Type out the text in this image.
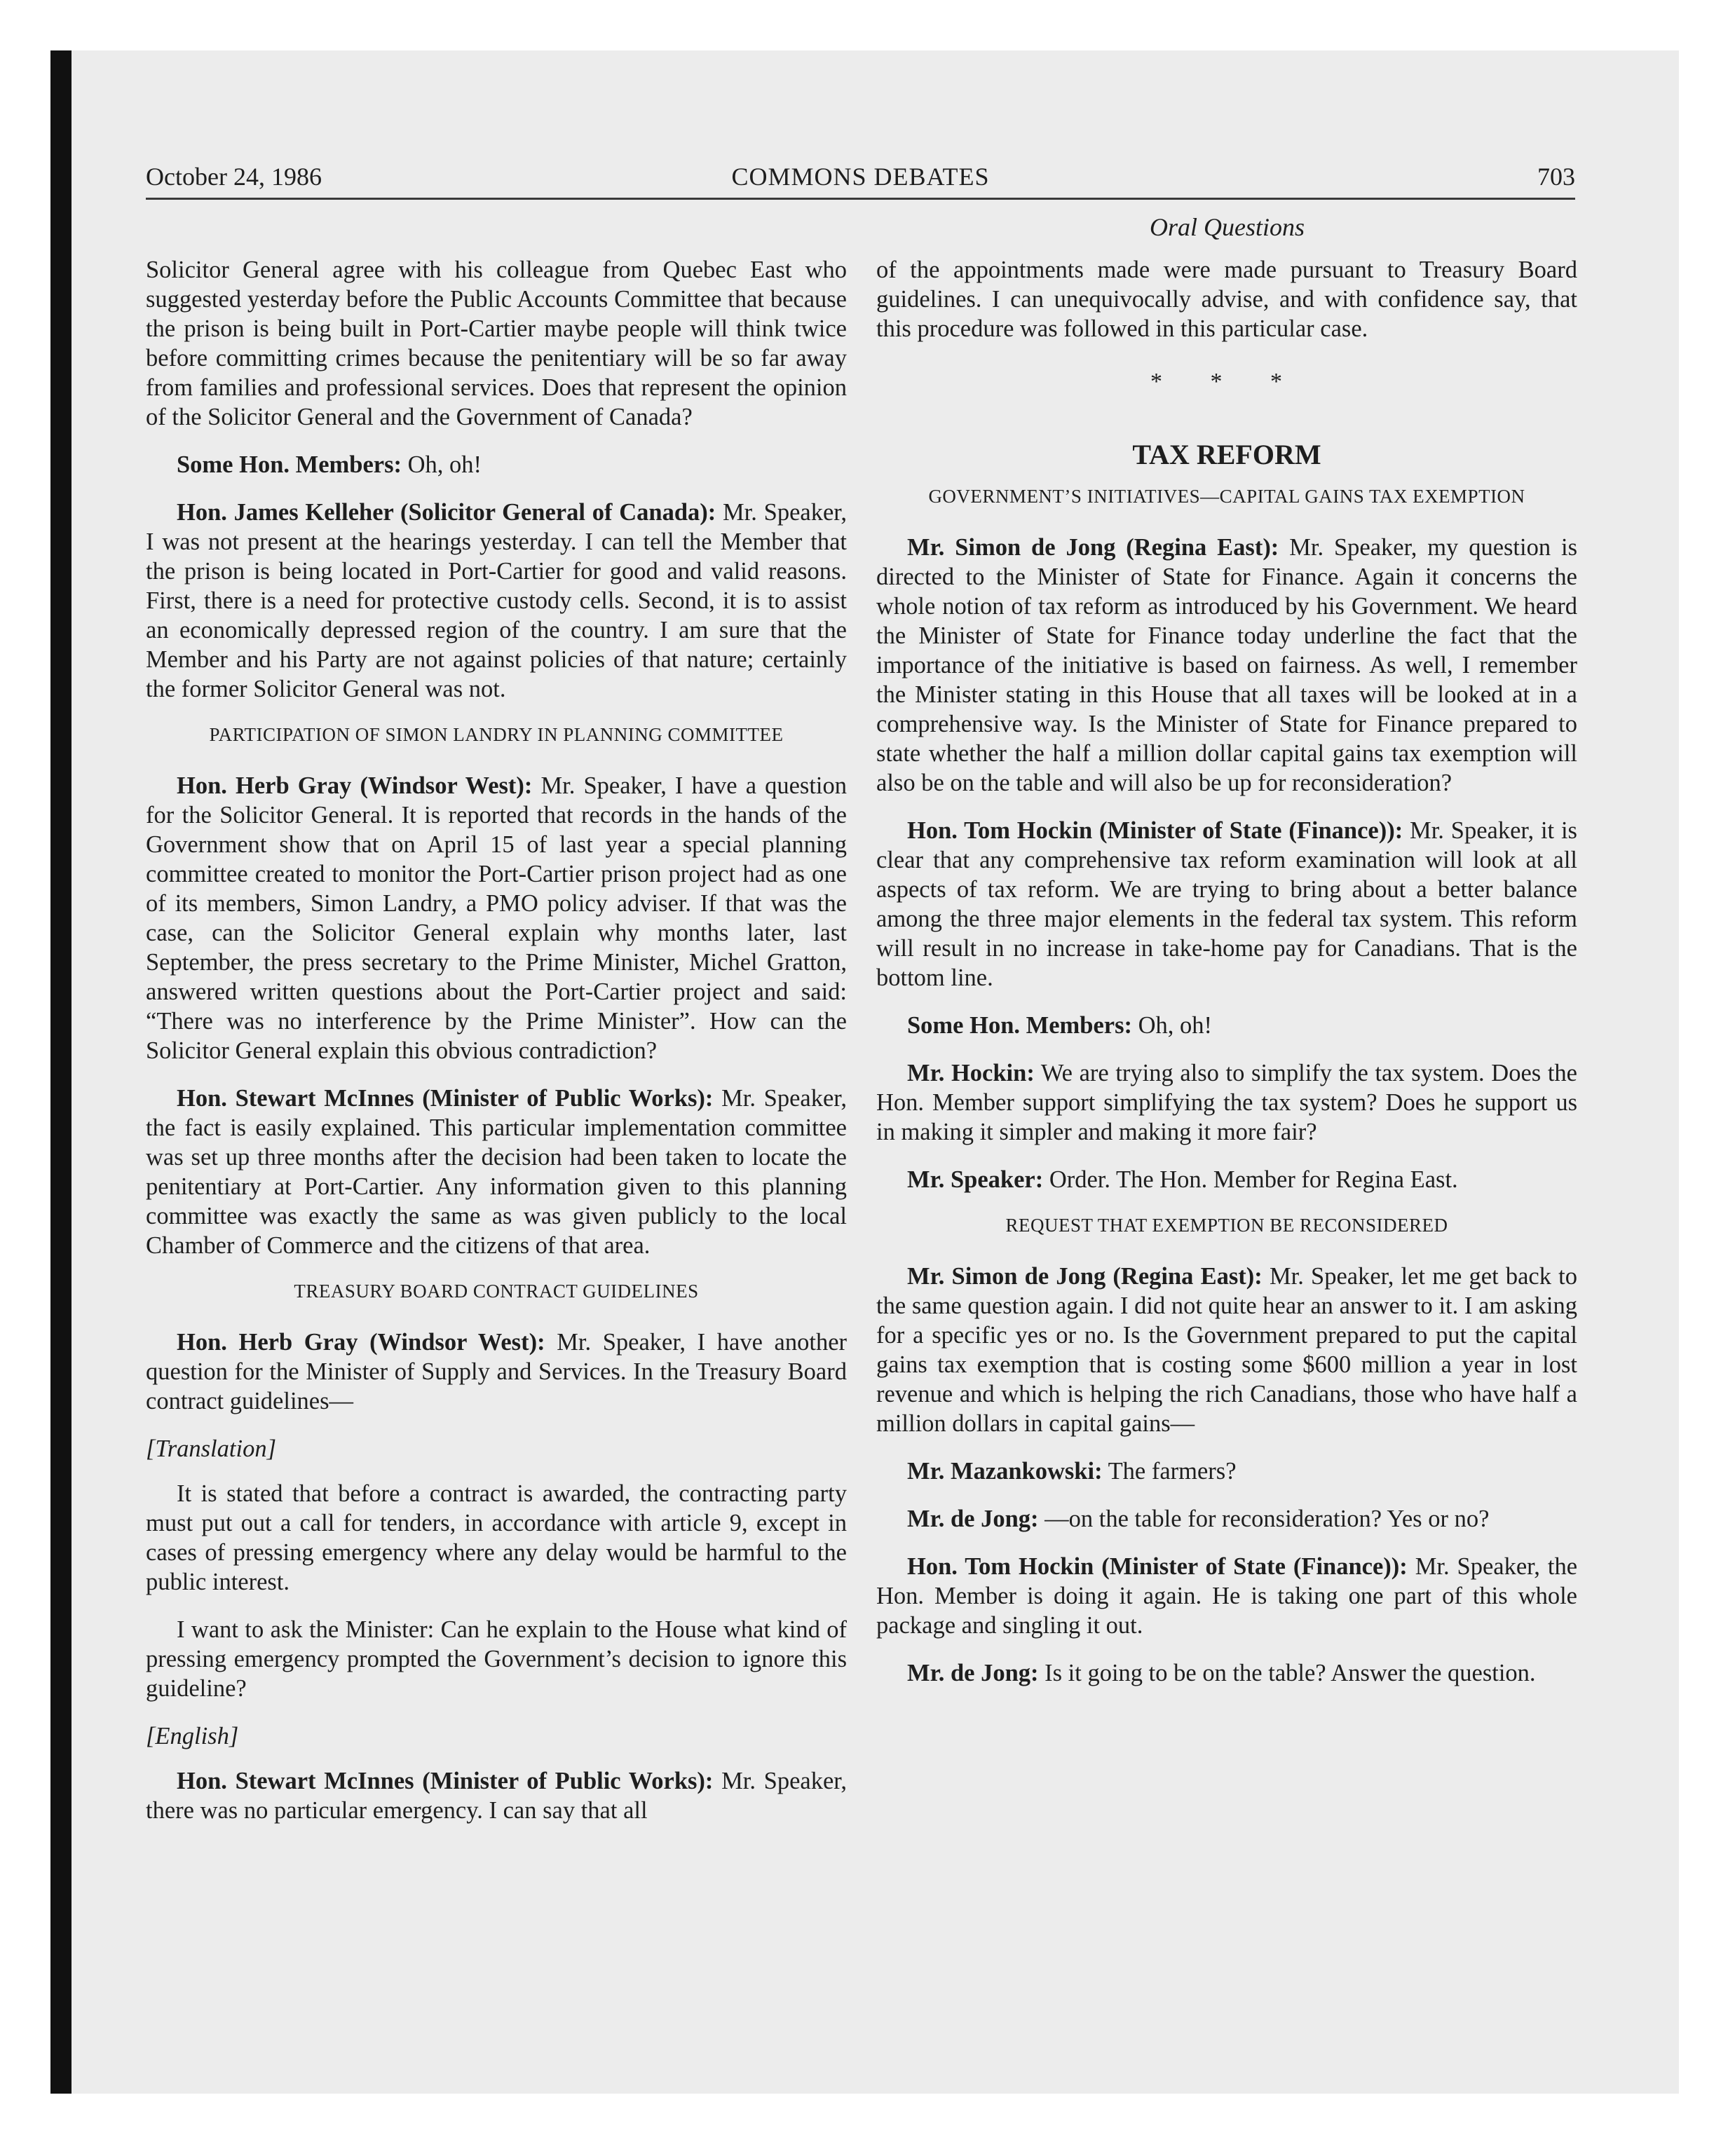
October 24, 1986	COMMONS DEBATES	703
Oral Questions

Solicitor General agree with his colleague from Quebec East who suggested yesterday before the Public Accounts Committee that because the prison is being built in Port-Cartier maybe people will think twice before committing crimes because the penitentiary will be so far away from families and professional services. Does that represent the opinion of the Solicitor General and the Government of Canada?

Some Hon. Members: Oh, oh!

Hon. James Kelleher (Solicitor General of Canada): Mr. Speaker, I was not present at the hearings yesterday. I can tell the Member that the prison is being located in Port-Cartier for good and valid reasons. First, there is a need for protective custody cells. Second, it is to assist an economically depressed region of the country. I am sure that the Member and his Party are not against policies of that nature; certainly the former Solicitor General was not.

PARTICIPATION OF SIMON LANDRY IN PLANNING COMMITTEE

Hon. Herb Gray (Windsor West): Mr. Speaker, I have a question for the Solicitor General. It is reported that records in the hands of the Government show that on April 15 of last year a special planning committee created to monitor the Port-Cartier prison project had as one of its members, Simon Landry, a PMO policy adviser. If that was the case, can the Solicitor General explain why months later, last September, the press secretary to the Prime Minister, Michel Gratton, answered written questions about the Port-Cartier project and said: “There was no interference by the Prime Minister”. How can the Solicitor General explain this obvious contradiction?

Hon. Stewart McInnes (Minister of Public Works): Mr. Speaker, the fact is easily explained. This particular implementation committee was set up three months after the decision had been taken to locate the penitentiary at Port-Cartier. Any information given to this planning committee was exactly the same as was given publicly to the local Chamber of Commerce and the citizens of that area.

TREASURY BOARD CONTRACT GUIDELINES

Hon. Herb Gray (Windsor West): Mr. Speaker, I have another question for the Minister of Supply and Services. In the Treasury Board contract guidelines—

[Translation]

It is stated that before a contract is awarded, the contracting party must put out a call for tenders, in accordance with article 9, except in cases of pressing emergency where any delay would be harmful to the public interest.

I want to ask the Minister: Can he explain to the House what kind of pressing emergency prompted the Government’s decision to ignore this guideline?

[English]

Hon. Stewart McInnes (Minister of Public Works): Mr. Speaker, there was no particular emergency. I can say that all

of the appointments made were made pursuant to Treasury Board guidelines. I can unequivocally advise, and with confidence say, that this procedure was followed in this particular case.

* * *
TAX REFORM
GOVERNMENT’S INITIATIVES—CAPITAL GAINS TAX EXEMPTION

Mr. Simon de Jong (Regina East): Mr. Speaker, my question is directed to the Minister of State for Finance. Again it concerns the whole notion of tax reform as introduced by his Government. We heard the Minister of State for Finance today underline the fact that the importance of the initiative is based on fairness. As well, I remember the Minister stating in this House that all taxes will be looked at in a comprehensive way. Is the Minister of State for Finance prepared to state whether the half a million dollar capital gains tax exemption will also be on the table and will also be up for reconsideration?

Hon. Tom Hockin (Minister of State (Finance)): Mr. Speaker, it is clear that any comprehensive tax reform examination will look at all aspects of tax reform. We are trying to bring about a better balance among the three major elements in the federal tax system. This reform will result in no increase in take-home pay for Canadians. That is the bottom line.

Some Hon. Members: Oh, oh!

Mr. Hockin: We are trying also to simplify the tax system. Does the Hon. Member support simplifying the tax system? Does he support us in making it simpler and making it more fair?

Mr. Speaker: Order. The Hon. Member for Regina East.

REQUEST THAT EXEMPTION BE RECONSIDERED

Mr. Simon de Jong (Regina East): Mr. Speaker, let me get back to the same question again. I did not quite hear an answer to it. I am asking for a specific yes or no. Is the Government prepared to put the capital gains tax exemption that is costing some $600 million a year in lost revenue and which is helping the rich Canadians, those who have half a million dollars in capital gains—

Mr. Mazankowski: The farmers?

Mr. de Jong: —on the table for reconsideration? Yes or no?

Hon. Tom Hockin (Minister of State (Finance)): Mr. Speaker, the Hon. Member is doing it again. He is taking one part of this whole package and singling it out.

Mr. de Jong: Is it going to be on the table? Answer the question.
